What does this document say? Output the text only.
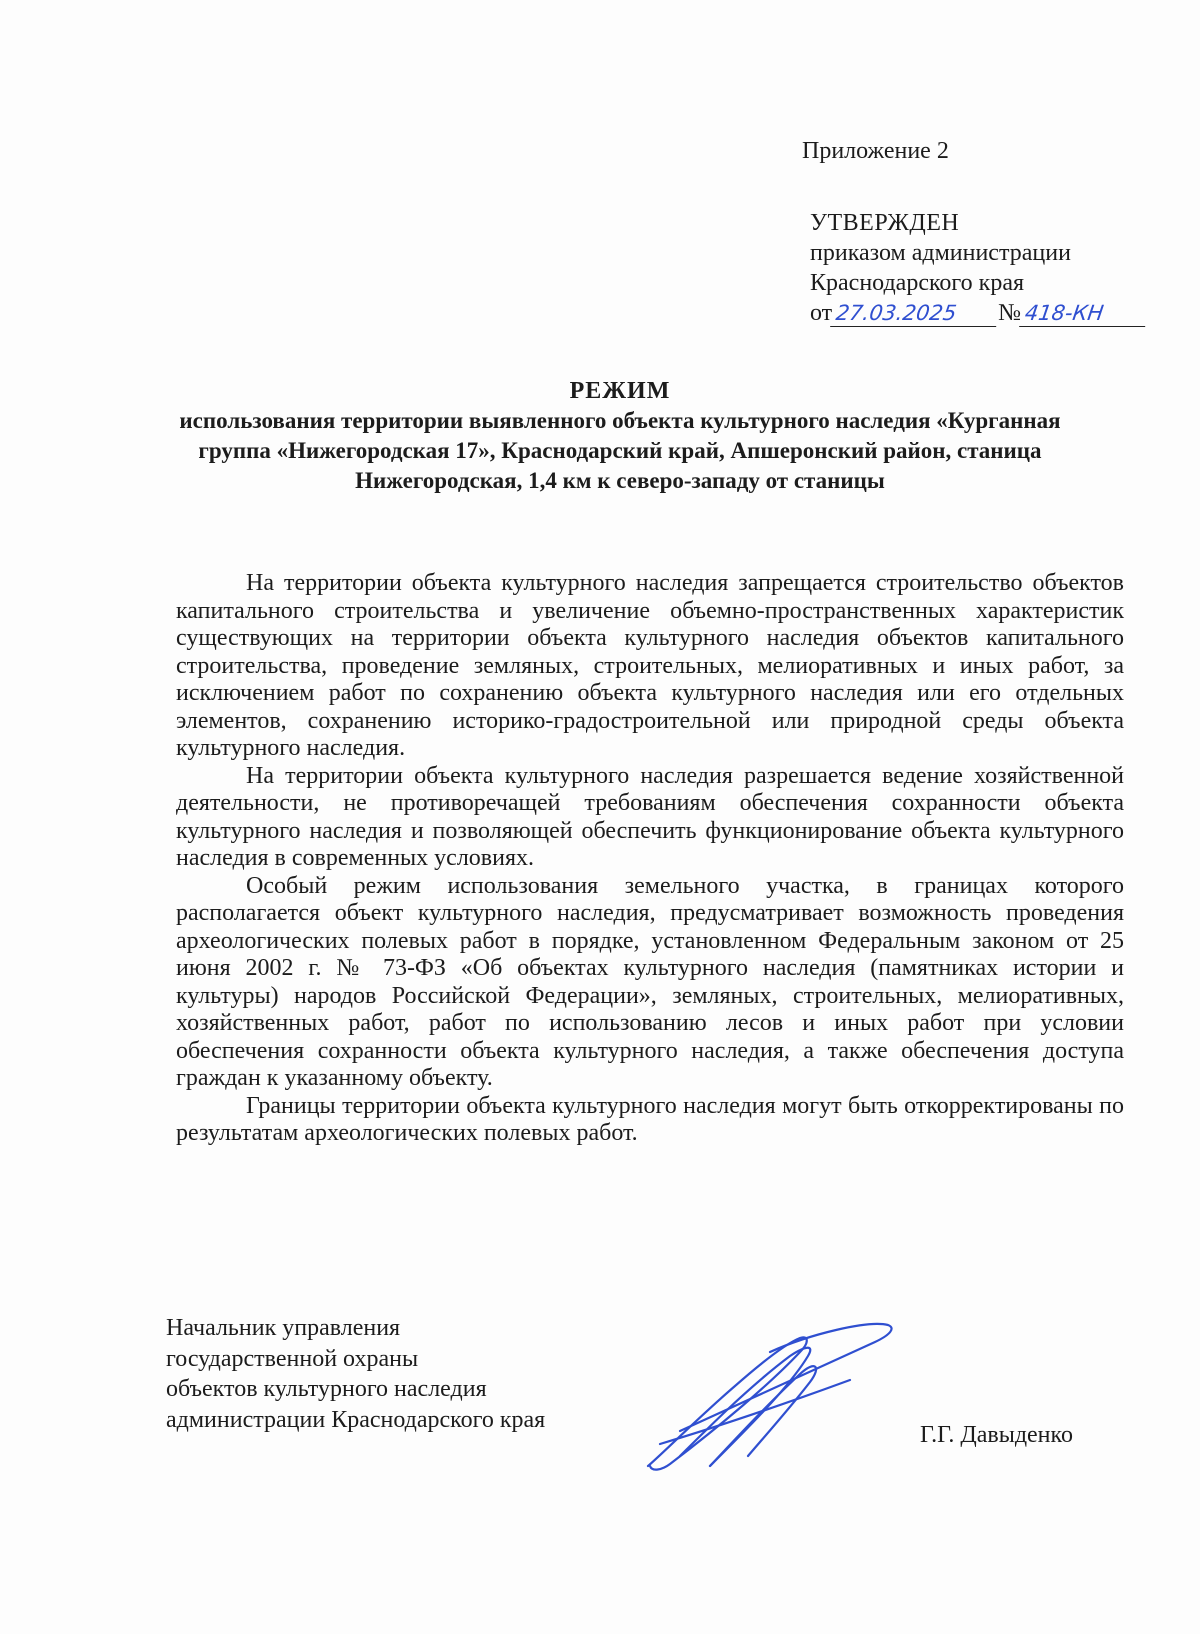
Приложение 2
УТВЕРЖДЕН
приказом администрации
Краснодарского края
от 27.03.2025 № 418-КН
РЕЖИМ
использования территории выявленного объекта культурного наследия «Курганная группа «Нижегородская 17», Краснодарский край, Апшеронский район, станица Нижегородская, 1,4 км к северо-западу от станицы

На территории объекта культурного наследия запрещается строительство объектов капитального строительства и увеличение объемно-пространственных характеристик существующих на территории объекта культурного наследия объектов капитального строительства, проведение земляных, строительных, мелиоративных и иных работ, за исключением работ по сохранению объекта культурного наследия или его отдельных элементов, сохранению историко-градостроительной или природной среды объекта культурного наследия.

На территории объекта культурного наследия разрешается ведение хозяйственной деятельности, не противоречащей требованиям обеспечения сохранности объекта культурного наследия и позволяющей обеспечить функционирование объекта культурного наследия в современных условиях.

Особый режим использования земельного участка, в границах которого располагается объект культурного наследия, предусматривает возможность проведения археологических полевых работ в порядке, установленном Федеральным законом от 25 июня 2002 г. № 73-ФЗ «Об объектах культурного наследия (памятниках истории и культуры) народов Российской Федерации», земляных, строительных, мелиоративных, хозяйственных работ, работ по использованию лесов и иных работ при условии обеспечения сохранности объекта культурного наследия, а также обеспечения доступа граждан к указанному объекту.

Границы территории объекта культурного наследия могут быть откорректированы по результатам археологических полевых работ.

Начальник управления
государственной охраны
объектов культурного наследия
администрации Краснодарского края
Г.Г. Давыденко
